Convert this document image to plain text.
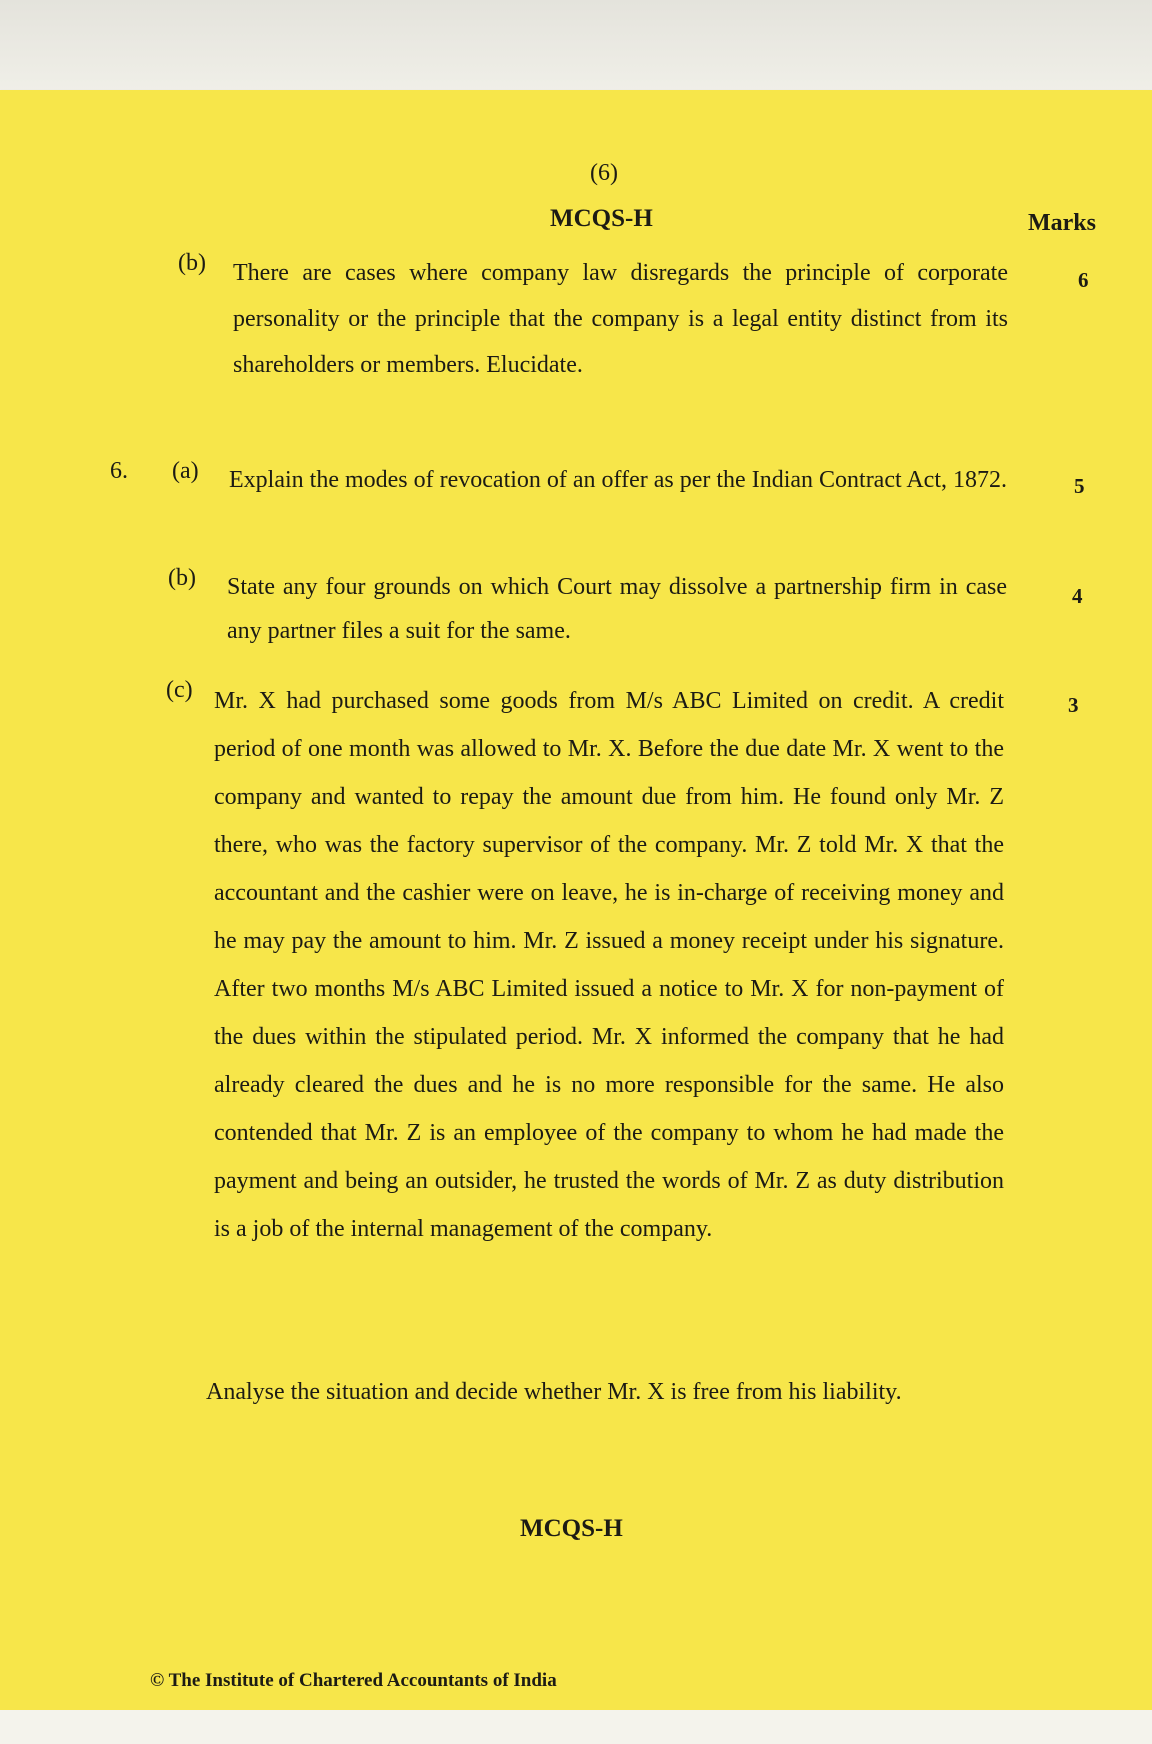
(6)
MCQS-H	Marks
(b) There are cases where company law disregards the principle of corporate personality or the principle that the company is a legal entity distinct from its shareholders or members. Elucidate.
6
6. (a) Explain the modes of revocation of an offer as per the Indian Contract Act, 1872.	5
(b) State any four grounds on which Court may dissolve a partnership firm in case any partner files a suit for the same.
4
(c) Mr. X had purchased some goods from M/s ABC Limited on credit. A credit period of one month was allowed to Mr. X. Before the due date Mr. X went to the company and wanted to repay the amount due from him. He found only Mr. Z there, who was the factory supervisor of the company. Mr. Z told Mr. X that the accountant and the cashier were on leave, he is in-charge of receiving money and he may pay the amount to him. Mr. Z issued a money receipt under his signature. After two months M/s ABC Limited issued a notice to Mr. X for non-payment of the dues within the stipulated period. Mr. X informed the company that he had already cleared the dues and he is no more responsible for the same. He also contended that Mr. Z is an employee of the company to whom he had made the payment and being an outsider, he trusted the words of Mr. Z as duty distribution is a job of the internal management of the company.
3
Analyse the situation and decide whether Mr. X is free from his liability.
MCQS-H
© The Institute of Chartered Accountants of India
